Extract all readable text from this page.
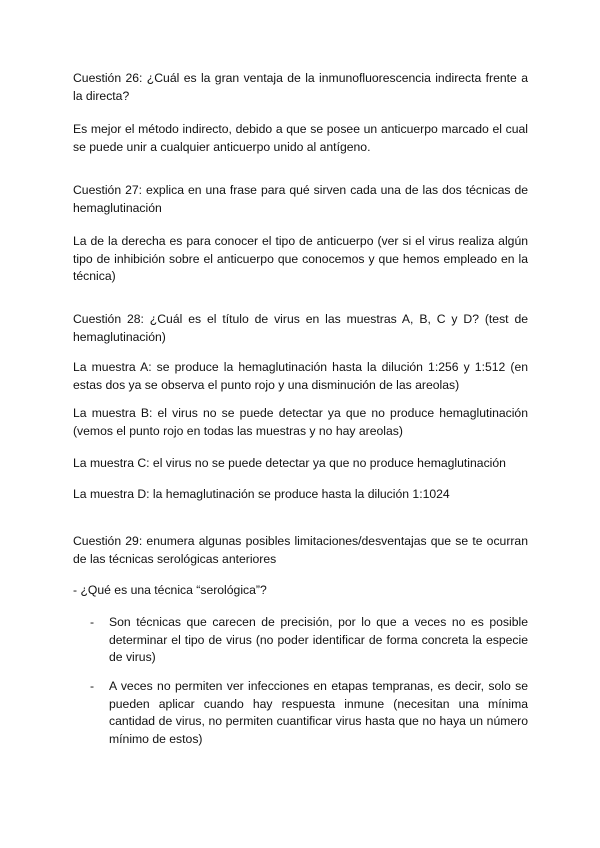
Cuestión 26: ¿Cuál es la gran ventaja de la inmunofluorescencia indirecta frente a la directa?

Es mejor el método indirecto, debido a que se posee un anticuerpo marcado el cual se puede unir a cualquier anticuerpo unido al antígeno.

Cuestión 27: explica en una frase para qué sirven cada una de las dos técnicas de hemaglutinación

La de la derecha es para conocer el tipo de anticuerpo (ver si el virus realiza algún tipo de inhibición sobre el anticuerpo que conocemos y que hemos empleado en la técnica)

Cuestión 28: ¿Cuál es el título de virus en las muestras A, B, C y D? (test de hemaglutinación)

La muestra A: se produce la hemaglutinación hasta la dilución 1:256 y 1:512 (en estas dos ya se observa el punto rojo y una disminución de las areolas)

La muestra B: el virus no se puede detectar ya que no produce hemaglutinación (vemos el punto rojo en todas las muestras y no hay areolas)

La muestra C: el virus no se puede detectar ya que no produce hemaglutinación

La muestra D: la hemaglutinación se produce hasta la dilución 1:1024

Cuestión 29: enumera algunas posibles limitaciones/desventajas que se te ocurran de las técnicas serológicas anteriores

- ¿Qué es una técnica “serológica”?

- Son técnicas que carecen de precisión, por lo que a veces no es posible determinar el tipo de virus (no poder identificar de forma concreta la especie de virus)
- A veces no permiten ver infecciones en etapas tempranas, es decir, solo se pueden aplicar cuando hay respuesta inmune (necesitan una mínima cantidad de virus, no permiten cuantificar virus hasta que no haya un número mínimo de estos)
